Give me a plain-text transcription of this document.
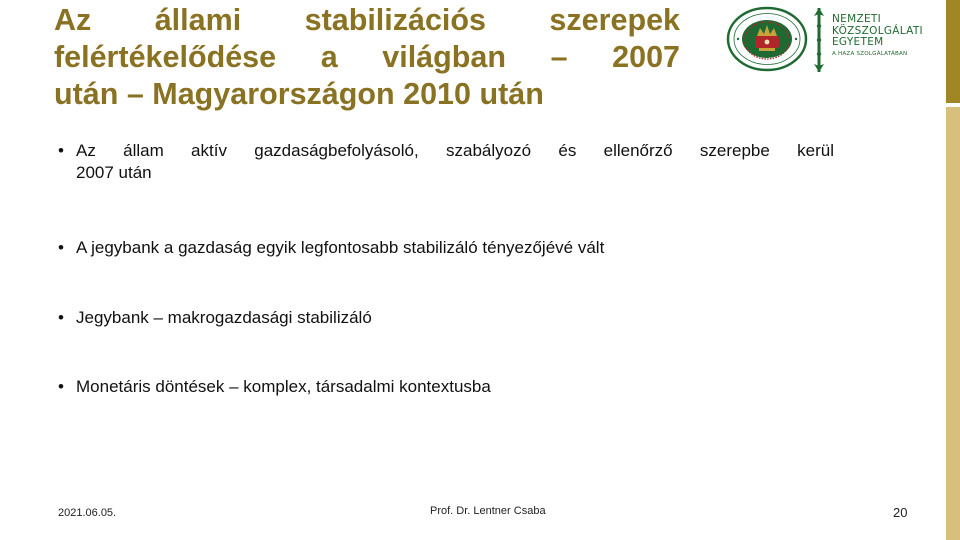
Az állami stabilizációs szerepek
felértékelődése a világban – 2007
után – Magyarországon 2010 után
NEMZETI
KÖZSZOLGÁLATI
EGYETEM
A HAZA SZOLGÁLATÁBAN
• Az állam aktív gazdaságbefolyásoló, szabályozó és ellenőrző szerepbe kerül
2007 után
• A jegybank a gazdaság egyik legfontosabb stabilizáló tényezőjévé vált
• Jegybank – makrogazdasági stabilizáló
• Monetáris döntések – komplex, társadalmi kontextusba
2021.06.05.	Prof. Dr. Lentner Csaba	20
